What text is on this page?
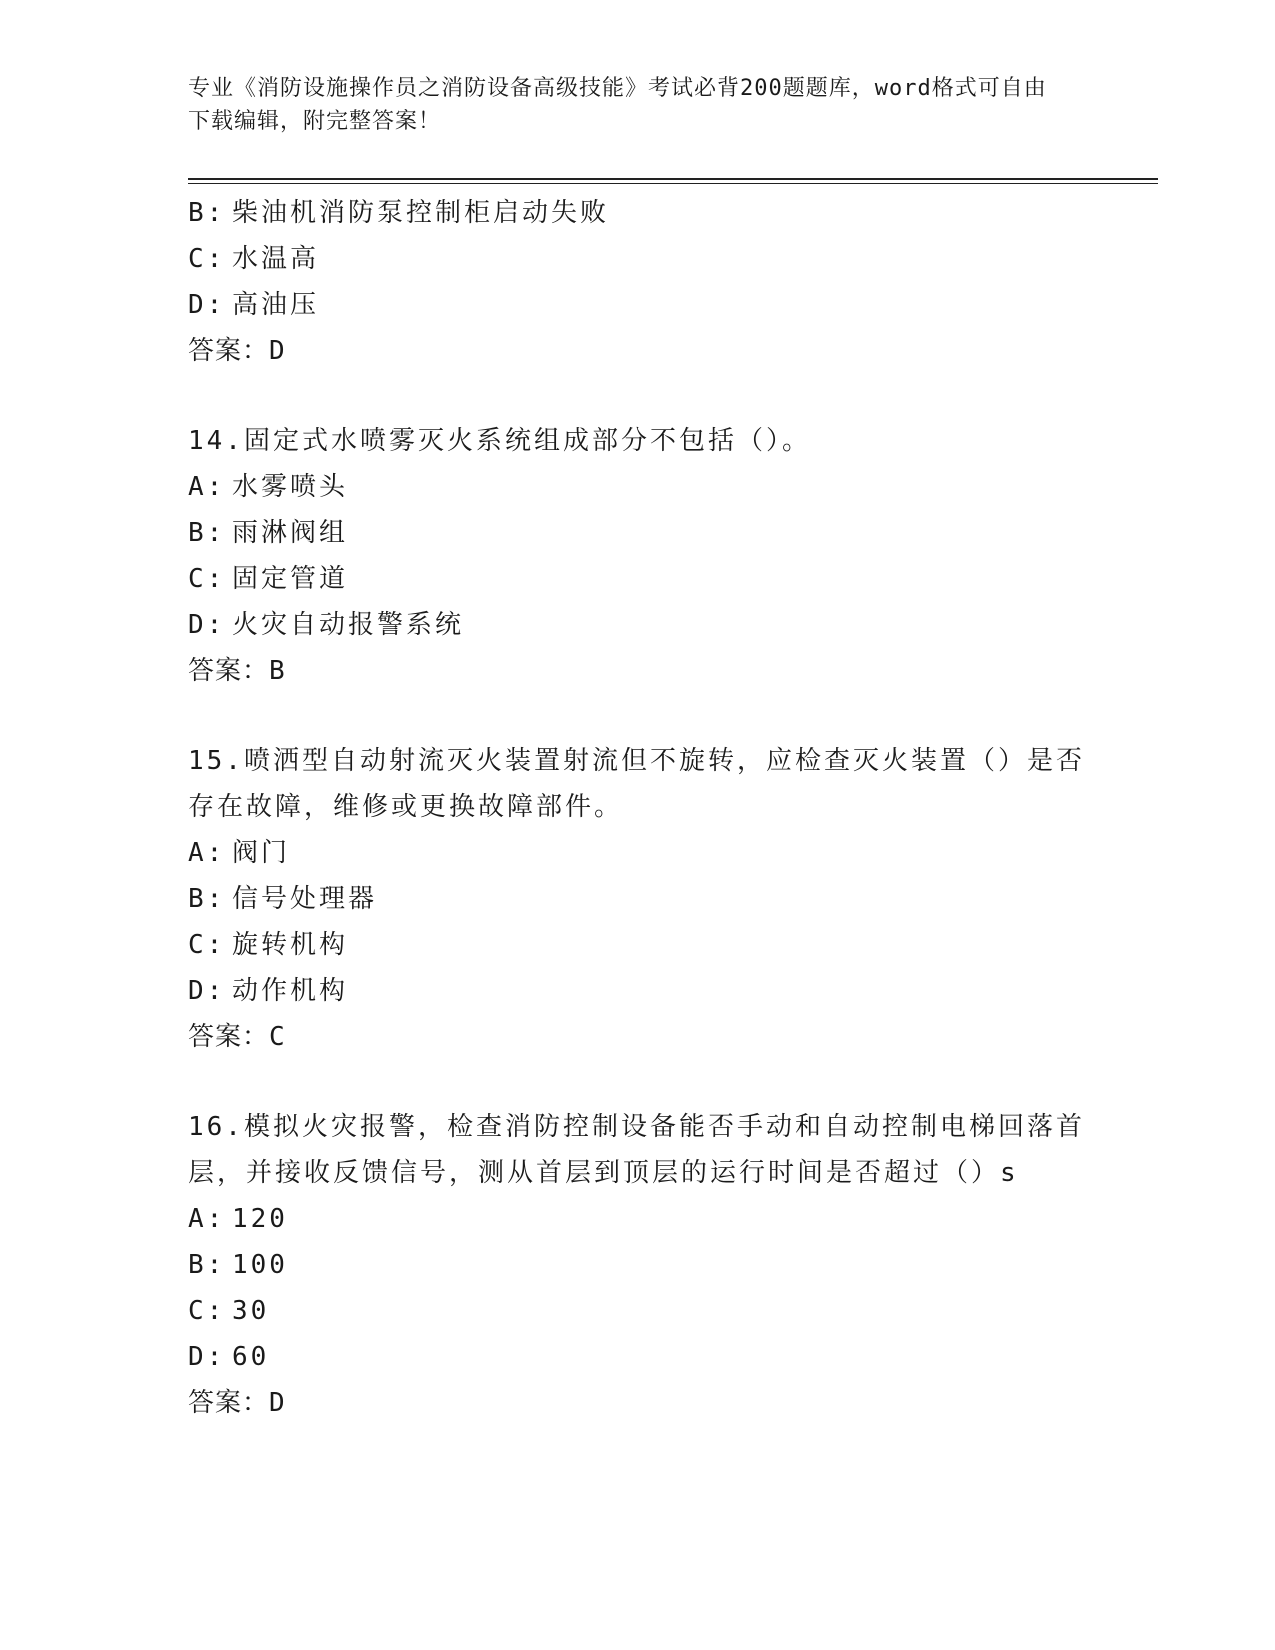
专业《消防设施操作员之消防设备高级技能》考试必背200题题库，word格式可自由下载编辑，附完整答案！
B: 柴油机消防泵控制柜启动失败
C: 水温高
D: 高油压
答案：D
14.固定式水喷雾灭火系统组成部分不包括（）。
A: 水雾喷头
B: 雨淋阀组
C: 固定管道
D: 火灾自动报警系统
答案：B
15.喷洒型自动射流灭火装置射流但不旋转，应检查灭火装置（）是否存在故障，维修或更换故障部件。
A: 阀门
B: 信号处理器
C: 旋转机构
D: 动作机构
答案：C
16.模拟火灾报警，检查消防控制设备能否手动和自动控制电梯回落首层，并接收反馈信号，测从首层到顶层的运行时间是否超过（）s
A: 120
B: 100
C: 30
D: 60
答案：D
